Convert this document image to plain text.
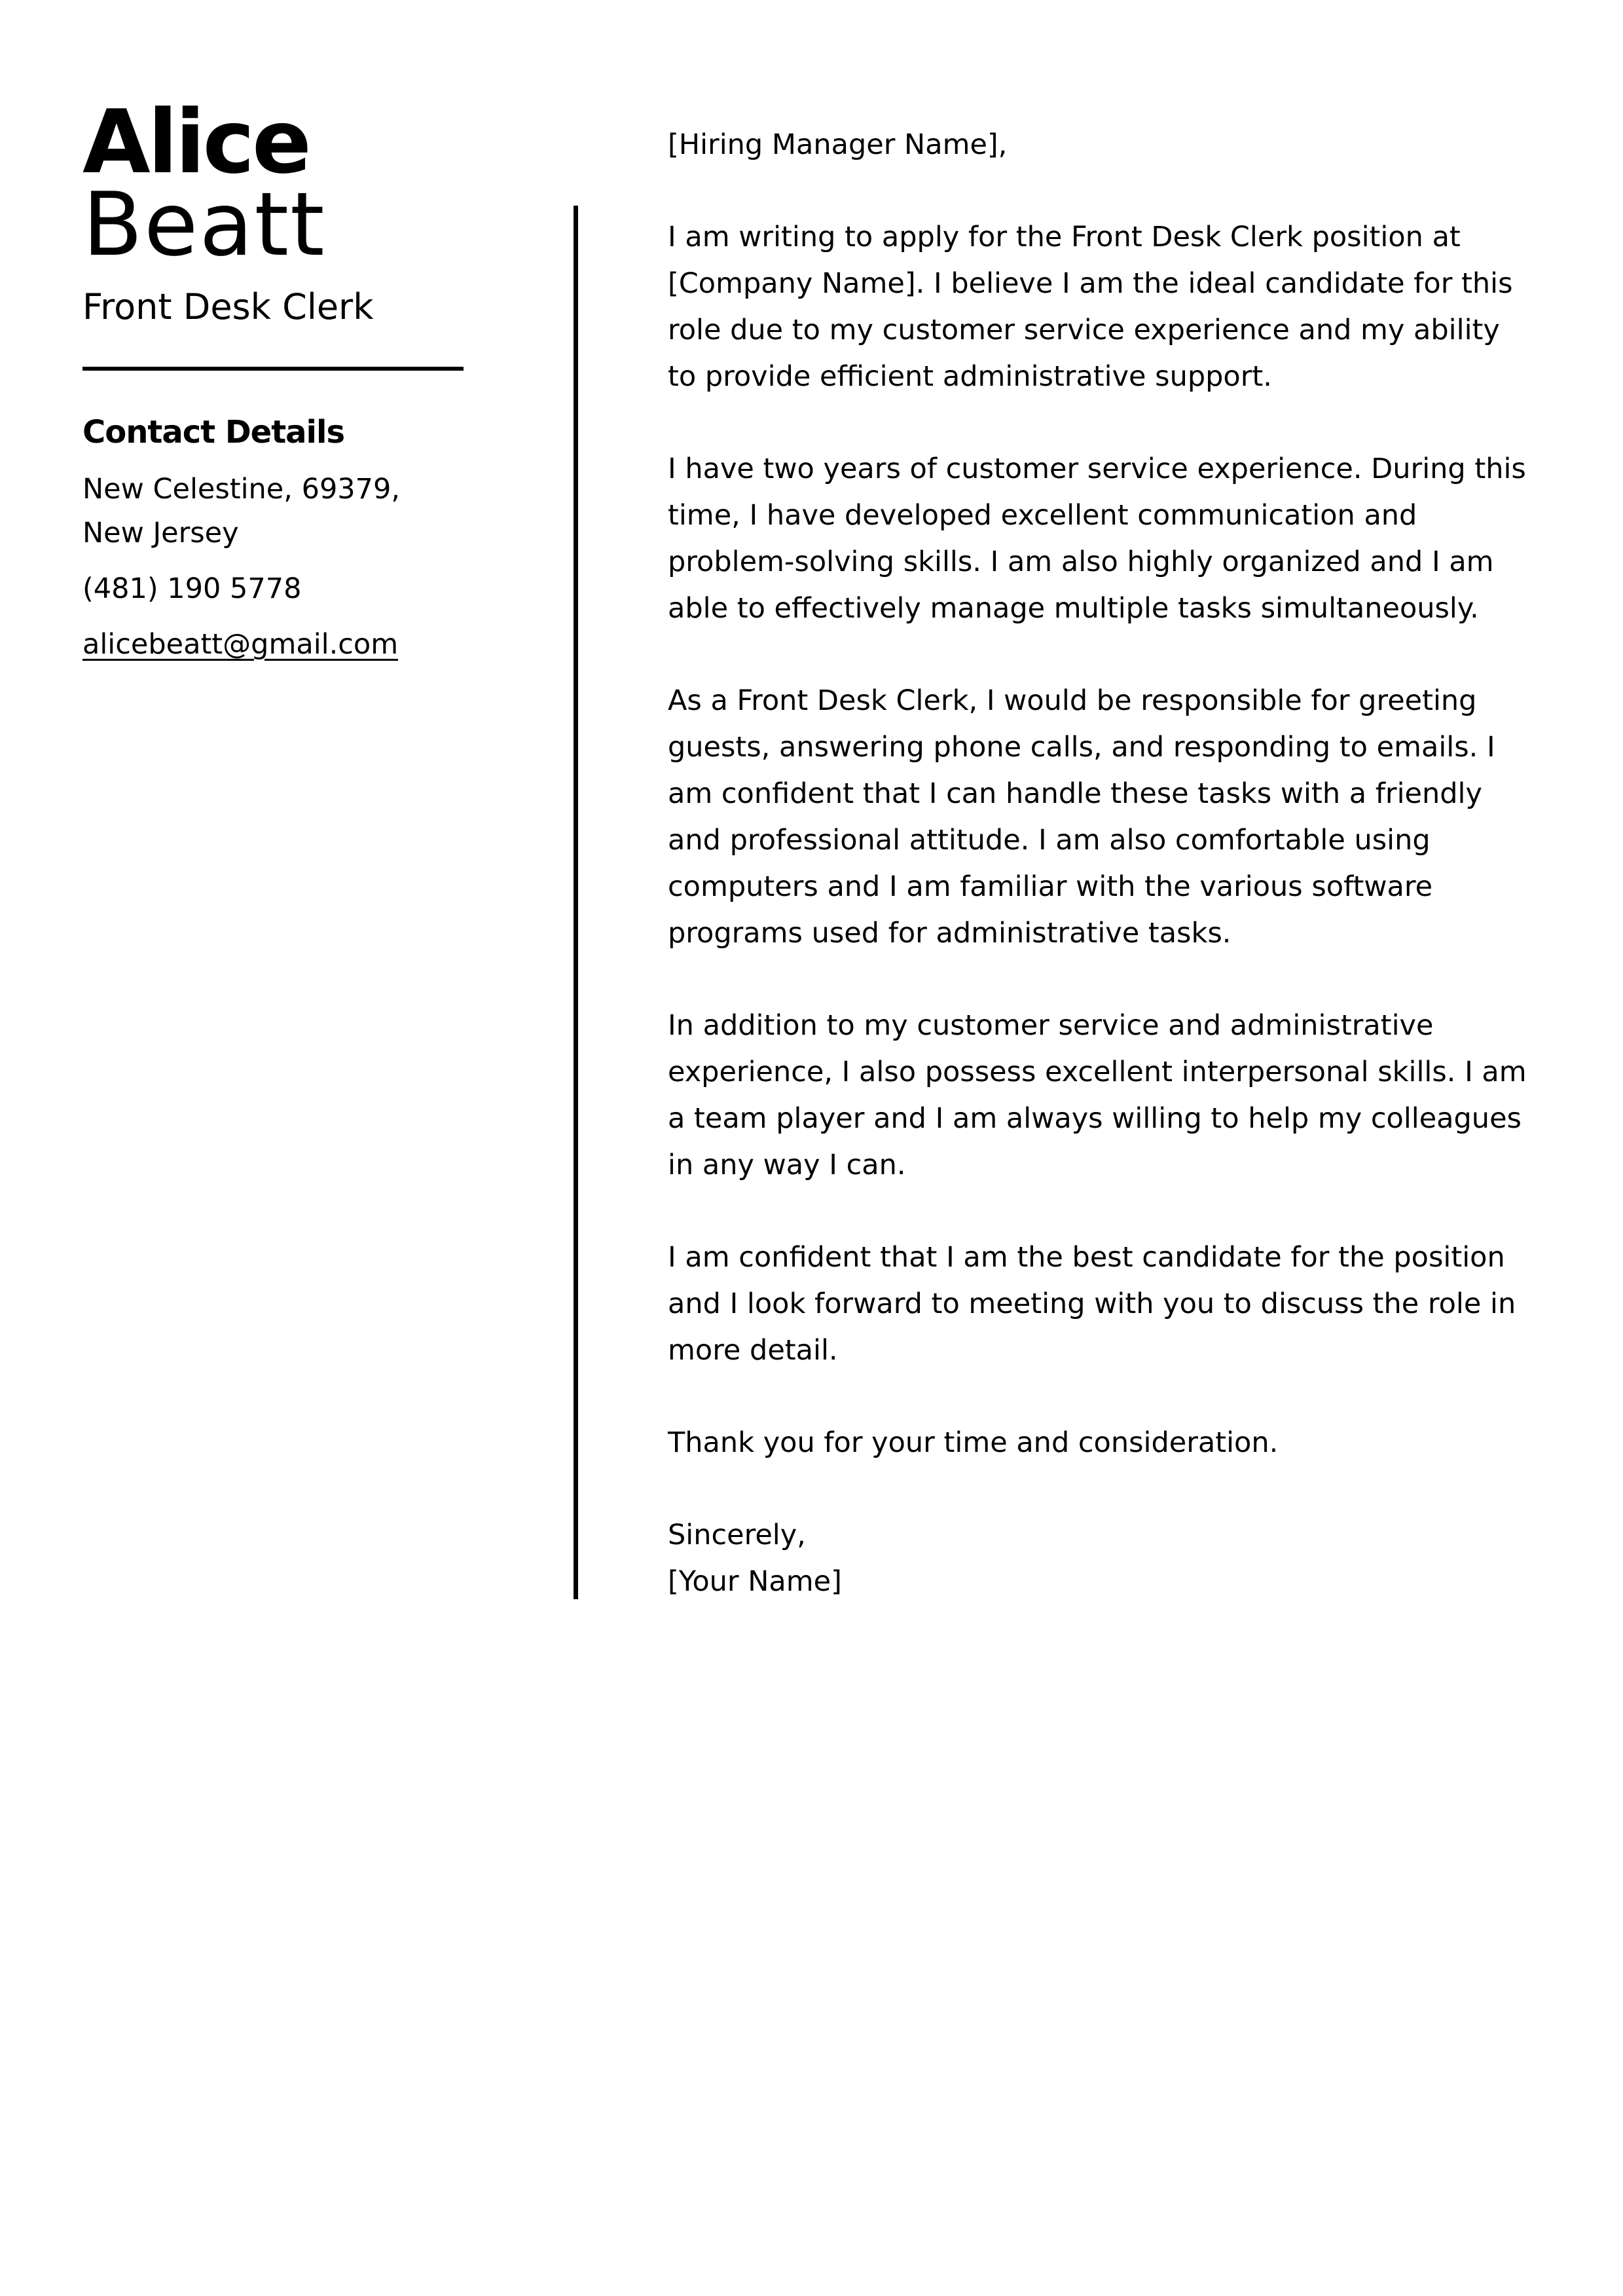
Alice
Beatt
Front Desk Clerk
Contact Details
New Celestine, 69379, New Jersey
(481) 190 5778
alicebeatt@gmail.com

[Hiring Manager Name],

I am writing to apply for the Front Desk Clerk position at [Company Name]. I believe I am the ideal candidate for this role due to my customer service experience and my ability to provide efficient administrative support.

I have two years of customer service experience. During this time, I have developed excellent communication and problem-solving skills. I am also highly organized and I am able to effectively manage multiple tasks simultaneously.

As a Front Desk Clerk, I would be responsible for greeting guests, answering phone calls, and responding to emails. I am confident that I can handle these tasks with a friendly and professional attitude. I am also comfortable using computers and I am familiar with the various software programs used for administrative tasks.

In addition to my customer service and administrative experience, I also possess excellent interpersonal skills. I am a team player and I am always willing to help my colleagues in any way I can.

I am confident that I am the best candidate for the position and I look forward to meeting with you to discuss the role in more detail.

Thank you for your time and consideration.

Sincerely,

[Your Name]
